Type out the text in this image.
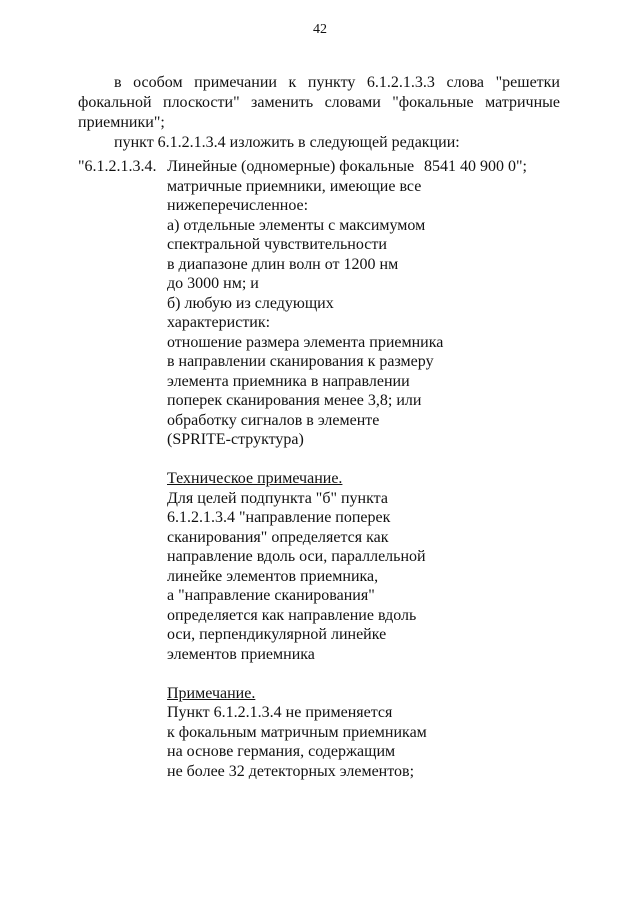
42

в особом примечании к пункту 6.1.2.1.3.3 слова "решетки

фокальной плоскости" заменить словами "фокальные матричные

приемники";

пункт 6.1.2.1.3.4 изложить в следующей редакции:

"6.1.2.1.3.4.	8541 40 900 0";
Линейные (одномерные) фокальные
матричные приемники, имеющие все
нижеперечисленное:
а) отдельные элементы с максимумом
спектральной чувствительности
в диапазоне длин волн от 1200 нм
до 3000 нм; и
б) любую из следующих
характеристик:
отношение размера элемента приемника
в направлении сканирования к размеру
элемента приемника в направлении
поперек сканирования менее 3,8; или
обработку сигналов в элементе
(SPRITE-структура)
Техническое примечание.
Для целей подпункта "б" пункта
6.1.2.1.3.4 "направление поперек
сканирования" определяется как
направление вдоль оси, параллельной
линейке элементов приемника,
а "направление сканирования"
определяется как направление вдоль
оси, перпендикулярной линейке
элементов приемника
Примечание.
Пункт 6.1.2.1.3.4 не применяется
к фокальным матричным приемникам
на основе германия, содержащим
не более 32 детекторных элементов;
